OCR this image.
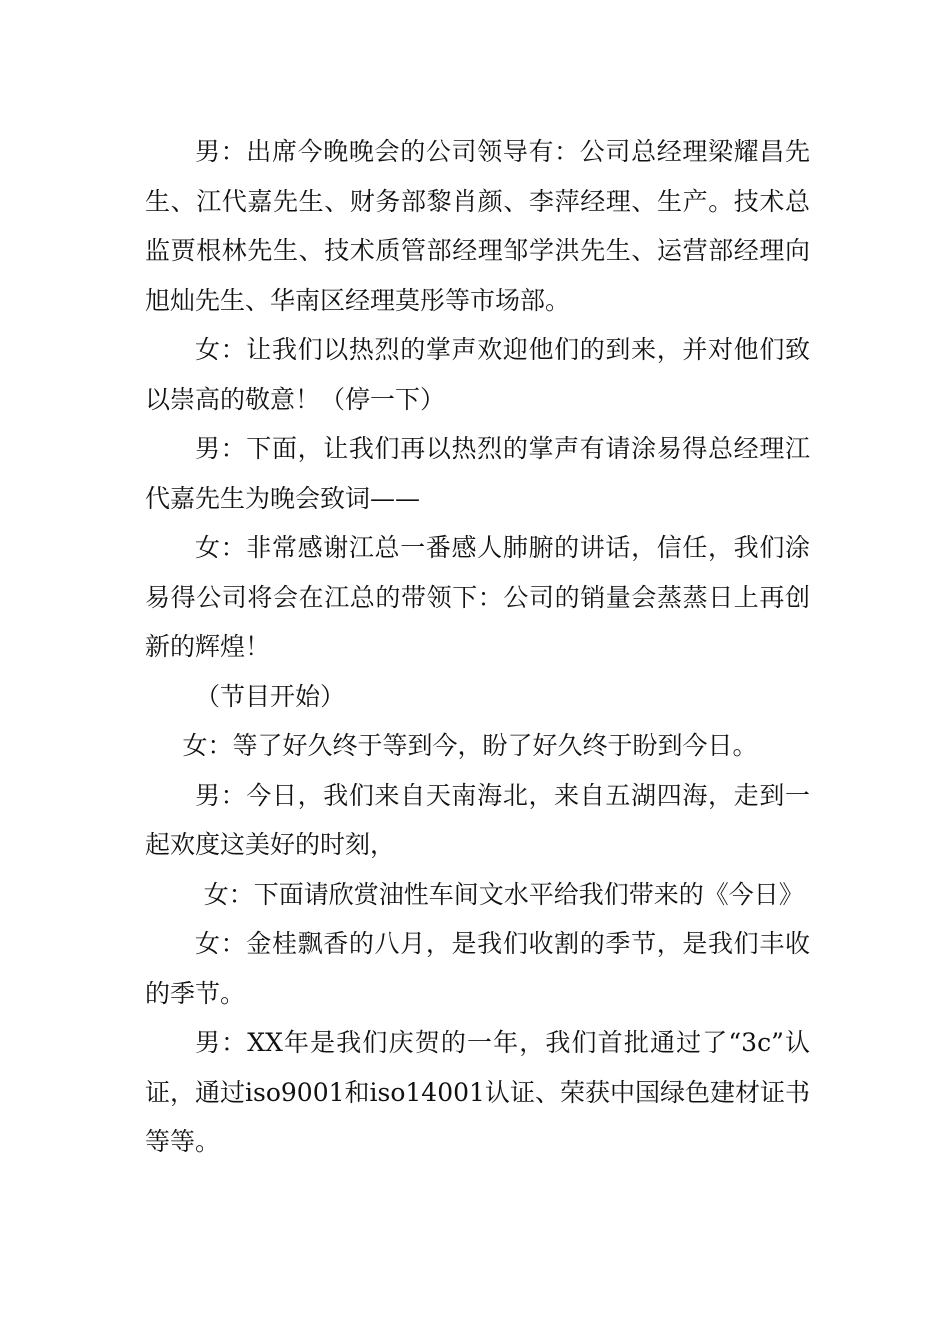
男：出席今晚晚会的公司领导有：公司总经理梁耀昌先生、江代嘉先生、财务部黎肖颜、李萍经理、生产。技术总监贾根林先生、技术质管部经理邹学洪先生、运营部经理向旭灿先生、华南区经理莫彤等市场部。

女：让我们以热烈的掌声欢迎他们的到来，并对他们致以崇高的敬意！（停一下）

男：下面，让我们再以热烈的掌声有请涂易得总经理江代嘉先生为晚会致词——

女：非常感谢江总一番感人肺腑的讲话，信任，我们涂易得公司将会在江总的带领下：公司的销量会蒸蒸日上再创新的辉煌！

（节目开始）

女：等了好久终于等到今，盼了好久终于盼到今日。

男：今日，我们来自天南海北，来自五湖四海，走到一起欢度这美好的时刻，

女：下面请欣赏油性车间文水平给我们带来的《今日》

女：金桂飘香的八月，是我们收割的季节，是我们丰收的季节。

男：XX年是我们庆贺的一年，我们首批通过了“3c”认证，通过iso9001和iso14001认证、荣获中国绿色建材证书等等。
